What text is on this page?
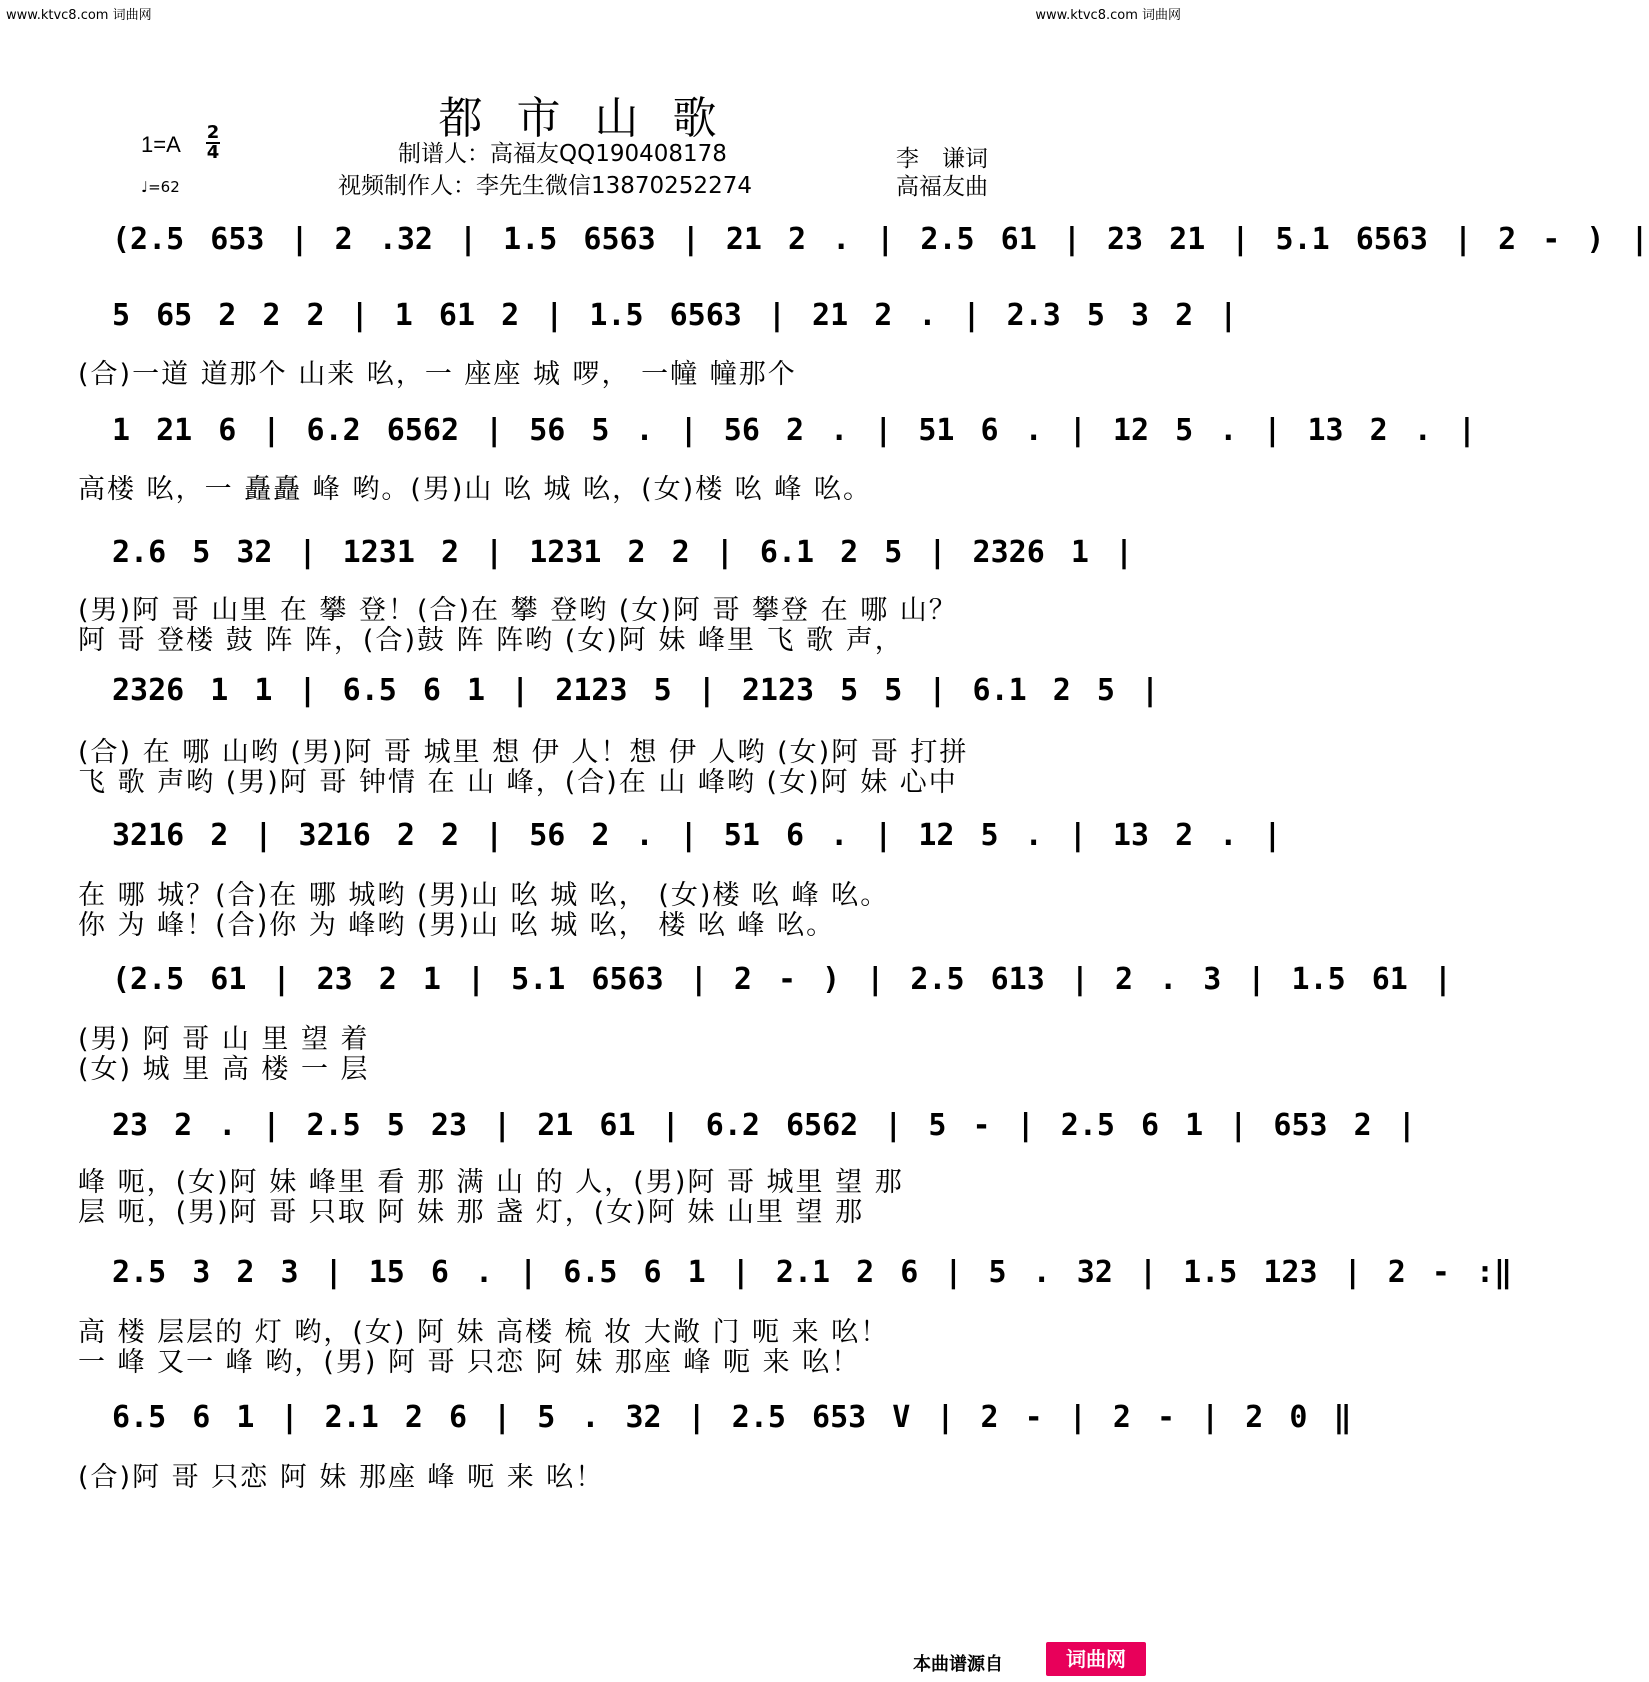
www.ktvc8.com 词曲网	www.ktvc8.com 词曲网
都市山歌
1=A 2
4
♩=62
制谱人：高福友QQ190408178
视频制作人：李先生微信13870252274
李　谦词
高福友曲
(2.5 653 | 2 .32 | 1.5 6563 | 21 2 . | 2.5 61 | 23 21 | 5.1 6563 | 2 - ) |
5 65 2 2 2 | 1 61 2 | 1.5 6563 | 21 2 . | 2.3 5 3 2 |
(合)一道 道那个 山来 吆，一 座座 城 啰， 一幢 幢那个
1 21 6 | 6.2 6562 | 56 5 . | 56 2 . | 51 6 . | 12 5 . | 13 2 . |
高楼 吆，一 矗矗 峰 哟。(男)山 吆 城 吆，(女)楼 吆 峰 吆。
2.6 5 32 | 1231 2 | 1231 2 2 | 6.1 2 5 | 2326 1 |
(男)阿 哥 山里 在 攀 登！(合)在 攀 登哟 (女)阿 哥 攀登 在 哪 山？
阿 哥 登楼 鼓 阵 阵，(合)鼓 阵 阵哟 (女)阿 妹 峰里 飞 歌 声，
2326 1 1 | 6.5 6 1 | 2123 5 | 2123 5 5 | 6.1 2 5 |
(合) 在 哪 山哟 (男)阿 哥 城里 想 伊 人！想 伊 人哟 (女)阿 哥 打拼
飞 歌 声哟 (男)阿 哥 钟情 在 山 峰，(合)在 山 峰哟 (女)阿 妹 心中
3216 2 | 3216 2 2 | 56 2 . | 51 6 . | 12 5 . | 13 2 . |
在 哪 城？(合)在 哪 城哟 (男)山 吆 城 吆， (女)楼 吆 峰 吆。
你 为 峰！(合)你 为 峰哟 (男)山 吆 城 吆， 楼 吆 峰 吆。
(2.5 61 | 23 2 1 | 5.1 6563 | 2 - ) | 2.5 613 | 2 . 3 | 1.5 61 |
(男) 阿 哥 山 里 望 着
(女) 城 里 高 楼 一 层
23 2 . | 2.5 5 23 | 21 61 | 6.2 6562 | 5 - | 2.5 6 1 | 653 2 |
峰 呃，(女)阿 妹 峰里 看 那 满 山 的 人，(男)阿 哥 城里 望 那
层 呃，(男)阿 哥 只取 阿 妹 那 盏 灯，(女)阿 妹 山里 望 那
2.5 3 2 3 | 15 6 . | 6.5 6 1 | 2.1 2 6 | 5 . 32 | 1.5 123 | 2 - :‖
高 楼 层层的 灯 哟，(女) 阿 妹 高楼 梳 妆 大敞 门 呃 来 吆！
一 峰 又一 峰 哟，(男) 阿 哥 只恋 阿 妹 那座 峰 呃 来 吆！
6.5 6 1 | 2.1 2 6 | 5 . 32 | 2.5 653 V | 2 - | 2 - | 2 0 ‖
(合)阿 哥 只恋 阿 妹 那座 峰 呃 来 吆！
本曲谱源自	词曲网
